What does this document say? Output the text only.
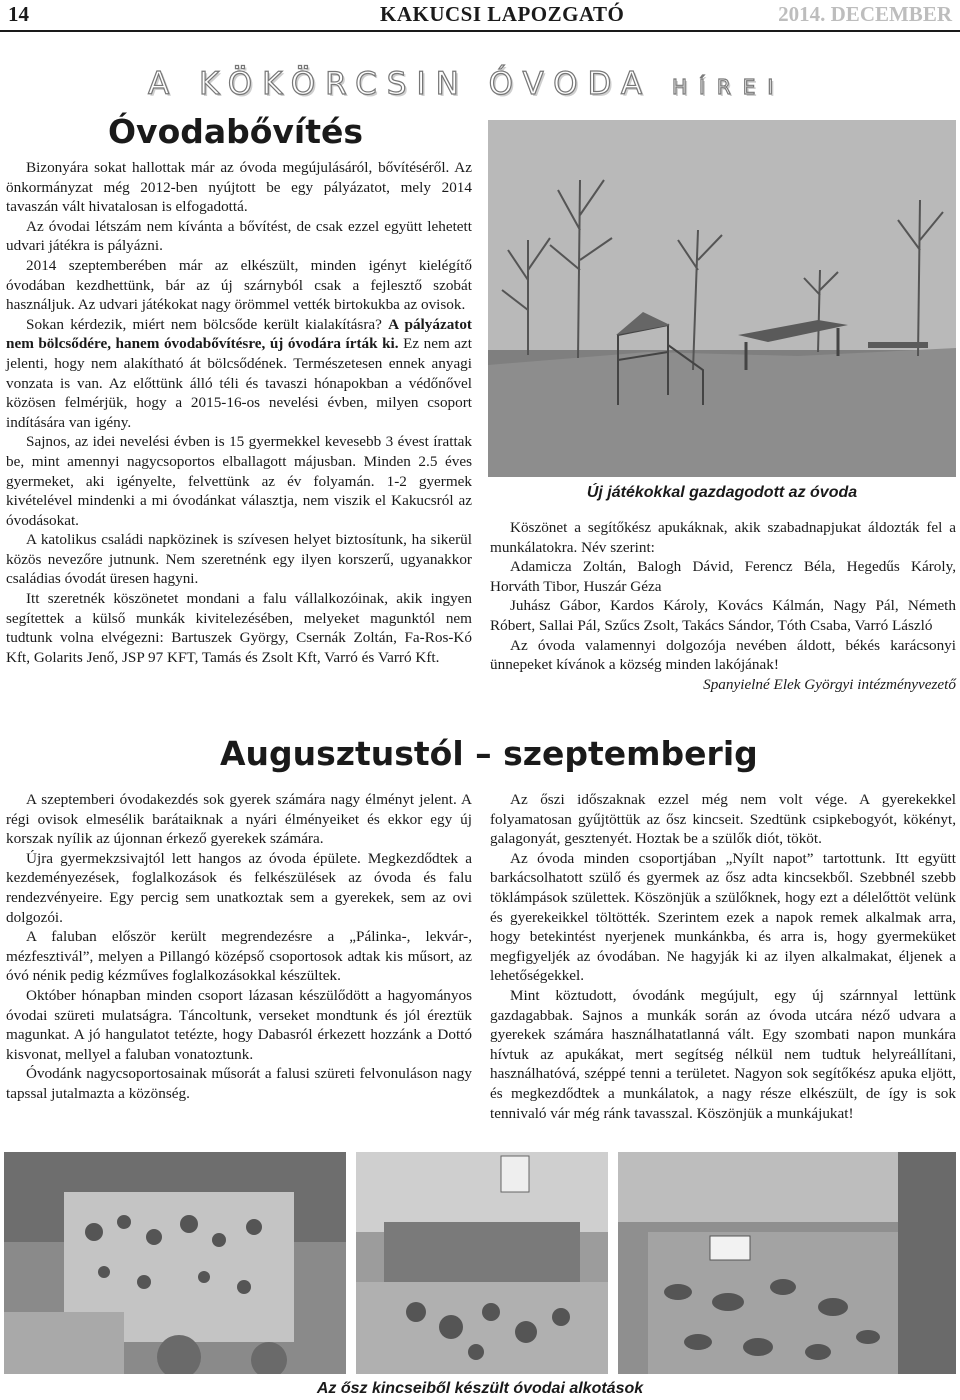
14	KAKUCSI LAPOZGATÓ	2014. DECEMBER
A KÖKÖRCSIN ÓVODA HÍREI
Óvodabővítés

Bizonyára sokat hallottak már az óvoda megújulásáról, bővítéséről. Az önkormányzat még 2012-ben nyújtott be egy pályázatot, mely 2014 tavaszán vált hivatalosan is elfogadottá.

Az óvodai létszám nem kívánta a bővítést, de csak ezzel együtt lehetett udvari játékra is pályázni.

2014 szeptemberében már az elkészült, minden igényt kielégítő óvodában kezdhettünk, bár az új szárnyból csak a fejlesztő szobát használjuk. Az udvari játékokat nagy örömmel vették birtokukba az ovisok.

Sokan kérdezik, miért nem bölcsőde került kialakításra? A pályázatot nem bölcsődére, hanem óvodabővítésre, új óvodára írták ki. Ez nem azt jelenti, hogy nem alakítható át bölcsődének. Természetesen ennek anyagi vonzata is van. Az előttünk álló téli és tavaszi hónapokban a védőnővel közösen felmérjük, hogy a 2015-16-os nevelési évben, milyen csoport indítására van igény.

Sajnos, az idei nevelési évben is 15 gyermekkel kevesebb 3 évest írattak be, mint amennyi nagycsoportos elballagott májusban. Minden 2.5 éves gyermeket, aki igényelte, felvettünk az év folyamán. 1-2 gyermek kivételével mindenki a mi óvodánkat választja, nem viszik el Kakucsról az óvodásokat.

A katolikus családi napközinek is szívesen helyet biztosítunk, ha sikerül közös nevezőre jutnunk. Nem szeretnénk egy ilyen korszerű, ugyanakkor családias óvodát üresen hagyni.

Itt szeretnék köszönetet mondani a falu vállalkozóinak, akik ingyen segítettek a külső munkák kivitelezésében, melyeket magunktól nem tudtunk volna elvégezni: Bartuszek György, Csernák Zoltán, Fa-Ros-Kó Kft, Golarits Jenő, JSP 97 KFT, Tamás és Zsolt Kft, Varró és Varró Kft.

Új játékokkal gazdagodott az óvoda

Köszönet a segítőkész apukáknak, akik szabadnapjukat áldozták fel a munkálatokra. Név szerint:

Adamicza Zoltán, Balogh Dávid, Ferencz Béla, Hegedűs Károly, Horváth Tibor, Huszár Géza

Juhász Gábor, Kardos Károly, Kovács Kálmán, Nagy Pál, Németh Róbert, Sallai Pál, Szűcs Zsolt, Takács Sándor, Tóth Csaba, Varró László

Az óvoda valamennyi dolgozója nevében áldott, békés karácsonyi ünnepeket kívánok a község minden lakójának!

Spanyielné Elek Györgyi intézményvezető

Augusztustól – szeptemberig

A szeptemberi óvodakezdés sok gyerek számára nagy élményt jelent. A régi ovisok elmesélik barátaiknak a nyári élményeiket és ekkor egy új korszak nyílik az újonnan érkező gyerekek számára.

Újra gyermekzsivajtól lett hangos az óvoda épülete. Megkezdődtek a kezdeményezések, foglalkozások és felkészülések az óvoda és falu rendezvényeire. Egy percig sem unatkoztak sem a gyerekek, sem az ovi dolgozói.

A faluban először került megrendezésre a „Pálinka-, lekvár-, mézfesztivál”, melyen a Pillangó középső csoportosok adtak kis műsort, az óvó nénik pedig kézműves foglalkozásokkal készültek.

Október hónapban minden csoport lázasan készülődött a hagyományos óvodai szüreti mulatságra. Táncoltunk, verseket mondtunk és jól éreztük magunkat. A jó hangulatot tetézte, hogy Dabasról érkezett hozzánk a Dottó kisvonat, mellyel a faluban vonatoztunk.

Óvodánk nagycsoportosainak műsorát a falusi szüreti felvonuláson nagy tapssal jutalmazta a közönség.

Az őszi időszaknak ezzel még nem volt vége. A gyerekekkel folyamatosan gyűjtöttük az ősz kincseit. Szedtünk csipkebogyót, kökényt, galagonyát, gesztenyét. Hoztak be a szülők diót, tököt.

Az óvoda minden csoportjában „Nyílt napot” tartottunk. Itt együtt barkácsolhatott szülő és gyermek az ősz adta kincsekből. Szebbnél szebb töklámpások születtek. Köszönjük a szülőknek, hogy ezt a délelőttöt velünk és gyerekeikkel töltötték. Szerintem ezek a napok remek alkalmak arra, hogy betekintést nyerjenek munkánkba, és arra is, hogy gyermeküket megfigyeljék az óvodában. Ne hagyják ki az ilyen alkalmakat, éljenek a lehetőségekkel.

Mint köztudott, óvodánk megújult, egy új szárnnyal lettünk gazdagabbak. Sajnos a munkák során az óvoda utcára néző udvara a gyerekek számára használhatatlanná vált. Egy szombati napon munkára hívtuk az apukákat, mert segítség nélkül nem tudtuk helyreállítani, használhatóvá, széppé tenni a területet. Nagyon sok segítőkész apuka eljött, és megkezdődtek a munkálatok, a nagy része elkészült, de így is sok tennivaló vár még ránk tavasszal. Köszönjük a munkájukat!

Az ősz kincseiből készült óvodai alkotások
